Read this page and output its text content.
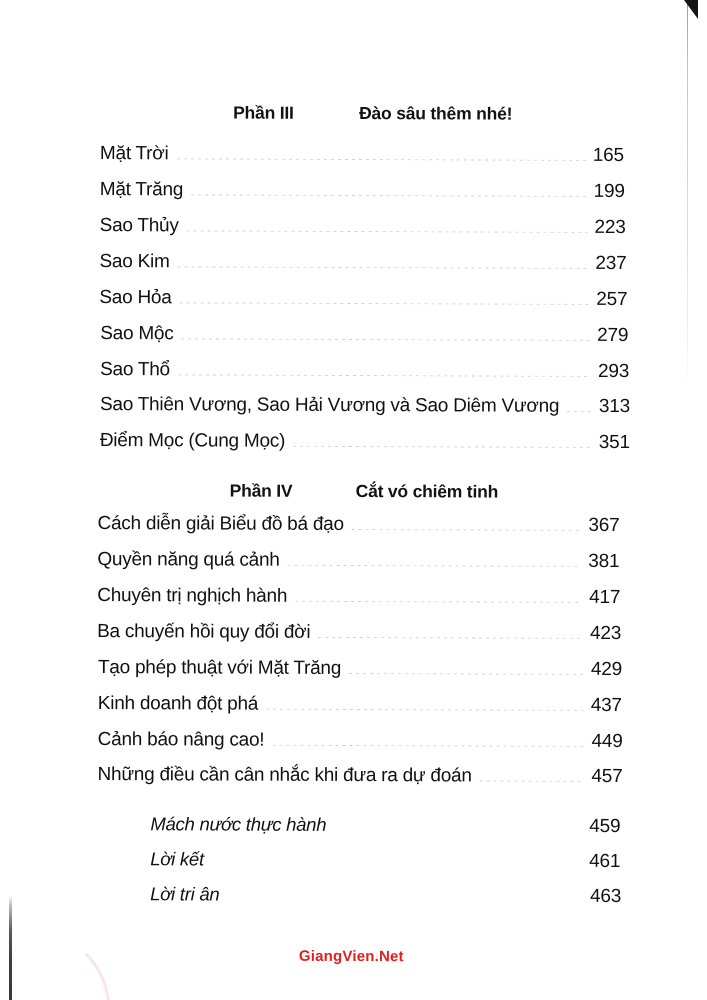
Phần III	Đào sâu thêm nhé!
Mặt Trời	165
Mặt Trăng	199
Sao Thủy	223
Sao Kim	237
Sao Hỏa	257
Sao Mộc	279
Sao Thổ	293
Sao Thiên Vương, Sao Hải Vương và Sao Diêm Vương 313
Điểm Mọc (Cung Mọc)	351
Phần IV	Cắt vó chiêm tinh
Cách diễn giải Biểu đồ bá đạo	367
Quyền năng quá cảnh	381
Chuyên trị nghịch hành	417
Ba chuyến hồi quy đổi đời	423
Tạo phép thuật với Mặt Trăng	429
Kinh doanh đột phá	437
Cảnh báo nâng cao!	449
Những điều cần cân nhắc khi đưa ra dự đoán	457
Mách nước thực hành	459
Lời kết	461
Lời tri ân	463
GiangVien.Net
